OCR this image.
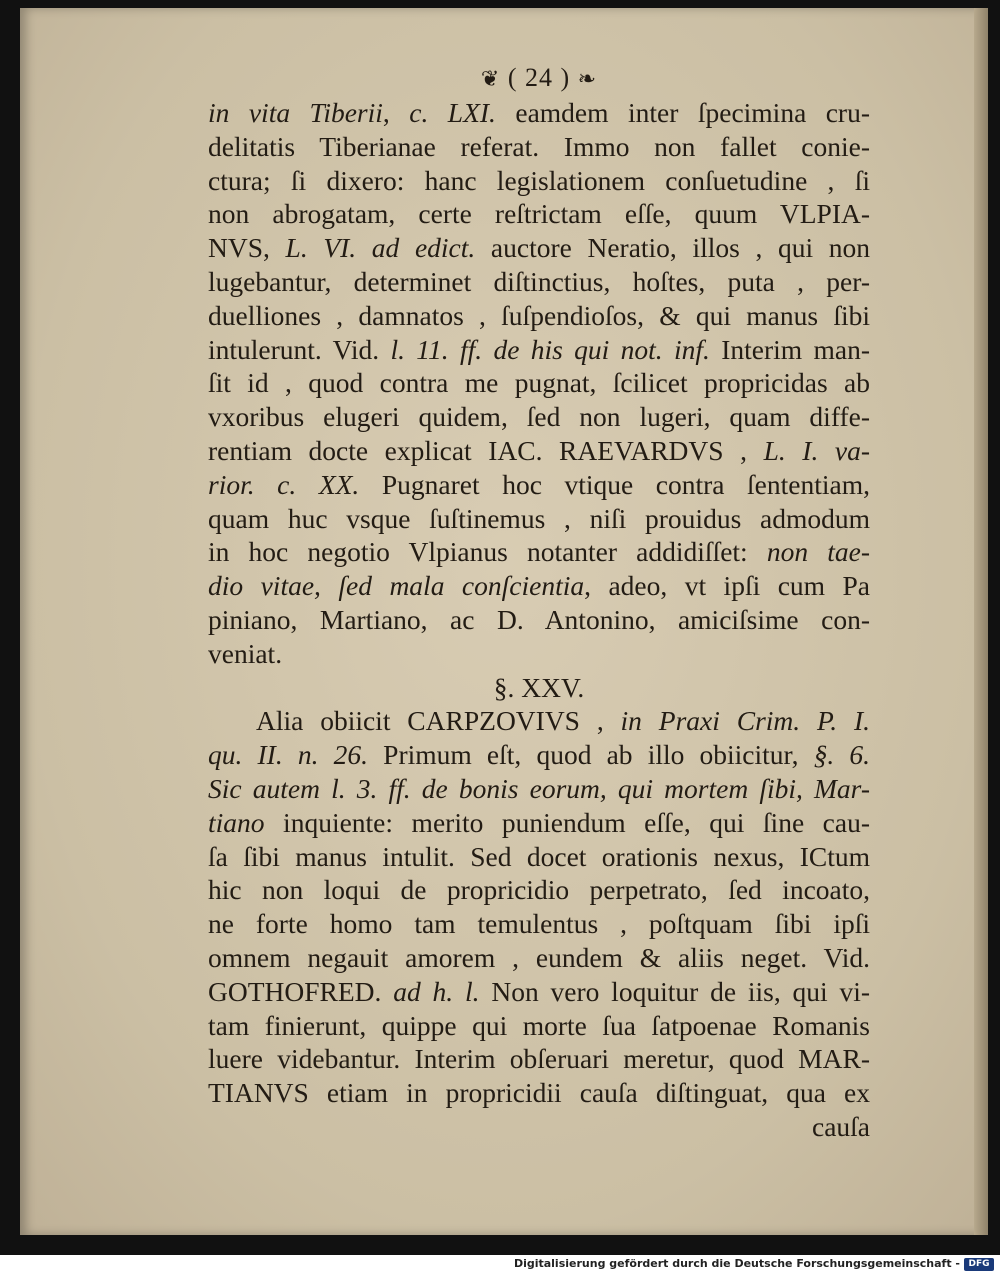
❦ ( 24 ) ❧
in vita Tiberii, c. LXI. eamdem inter ſpecimina cru-
delitatis Tiberianae referat. Immo non fallet conie-
ctura; ſi dixero: hanc legislationem conſuetudine , ſi
non abrogatam, certe reſtrictam eſſe, quum VLPIA-
NVS, L. VI. ad edict. auctore Neratio, illos , qui non
lugebantur, determinet diſtinctius, hoſtes, puta , per-
duelliones , damnatos , ſuſpendioſos, & qui manus ſibi
intulerunt. Vid. l. 11. ff. de his qui not. inf. Interim man-
ſit id , quod contra me pugnat, ſcilicet propricidas ab
vxoribus elugeri quidem, ſed non lugeri, quam diffe-
rentiam docte explicat IAC. RAEVARDVS , L. I. va-
rior. c. XX. Pugnaret hoc vtique contra ſententiam,
quam huc vsque ſuſtinemus , niſi prouidus admodum
in hoc negotio Vlpianus notanter addidiſſet: non tae-
dio vitae, ſed mala conſcientia, adeo, vt ipſi cum Pa
piniano, Martiano, ac D. Antonino, amiciſsime con-
veniat.
§. XXV.
Alia obiicit CARPZOVIVS , in Praxi Crim. P. I.
qu. II. n. 26. Primum eſt, quod ab illo obiicitur, §. 6.
Sic autem l. 3. ff. de bonis eorum, qui mortem ſibi, Mar-
tiano inquiente: merito puniendum eſſe, qui ſine cau-
ſa ſibi manus intulit. Sed docet orationis nexus, ICtum
hic non loqui de propricidio perpetrato, ſed incoato,
ne forte homo tam temulentus , poſtquam ſibi ipſi
omnem negauit amorem , eundem & aliis neget. Vid.
GOTHOFRED. ad h. l. Non vero loquitur de iis, qui vi-
tam finierunt, quippe qui morte ſua ſatpoenae Romanis
luere videbantur. Interim obſeruari meretur, quod MAR-
TIANVS etiam in propricidii cauſa diſtinguat, qua ex
cauſa
Digitalisierung gefördert durch die Deutsche Forschungsgemeinschaft - DFG
